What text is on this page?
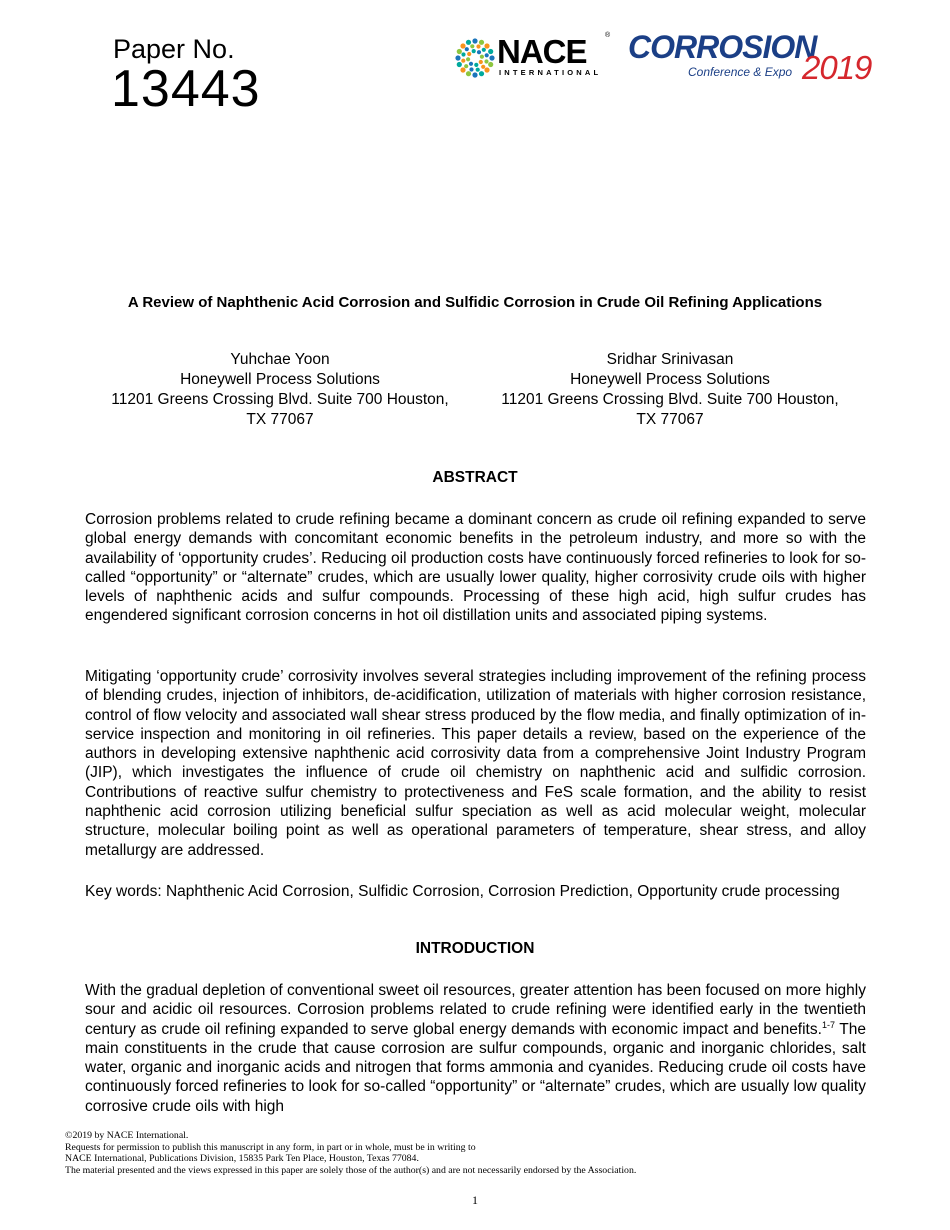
Paper No.
13443
NACE	®
INTERNATIONAL
CORROSION
Conference & Expo 2019
A Review of Naphthenic Acid Corrosion and Sulfidic Corrosion in Crude Oil Refining Applications
Yuhchae Yoon
Honeywell Process Solutions
11201 Greens Crossing Blvd. Suite 700 Houston,
TX 77067
Sridhar Srinivasan
Honeywell Process Solutions
11201 Greens Crossing Blvd. Suite 700 Houston,
TX 77067
ABSTRACT
Corrosion problems related to crude refining became a dominant concern as crude oil refining expanded to serve global energy demands with concomitant economic benefits in the petroleum industry, and more so with the availability of ‘opportunity crudes’. Reducing oil production costs have continuously forced refineries to look for so-called “opportunity” or “alternate” crudes, which are usually lower quality, higher corrosivity crude oils with higher levels of naphthenic acids and sulfur compounds. Processing of these high acid, high sulfur crudes has engendered significant corrosion concerns in hot oil distillation units and associated piping systems.
Mitigating ‘opportunity crude’ corrosivity involves several strategies including improvement of the refining process of blending crudes, injection of inhibitors, de-acidification, utilization of materials with higher corrosion resistance, control of flow velocity and associated wall shear stress produced by the flow media, and finally optimization of in-service inspection and monitoring in oil refineries. This paper details a review, based on the experience of the authors in developing extensive naphthenic acid corrosivity data from a comprehensive Joint Industry Program (JIP), which investigates the influence of crude oil chemistry on naphthenic acid and sulfidic corrosion. Contributions of reactive sulfur chemistry to protectiveness and FeS scale formation, and the ability to resist naphthenic acid corrosion utilizing beneficial sulfur speciation as well as acid molecular weight, molecular structure, molecular boiling point as well as operational parameters of temperature, shear stress, and alloy metallurgy are addressed.
Key words: Naphthenic Acid Corrosion, Sulfidic Corrosion, Corrosion Prediction, Opportunity crude processing
INTRODUCTION
With the gradual depletion of conventional sweet oil resources, greater attention has been focused on more highly sour and acidic oil resources. Corrosion problems related to crude refining were identified early in the twentieth century as crude oil refining expanded to serve global energy demands with economic impact and benefits.$^{1-7}$ The main constituents in the crude that cause corrosion are sulfur compounds, organic and inorganic chlorides, salt water, organic and inorganic acids and nitrogen that forms ammonia and cyanides. Reducing crude oil costs have continuously forced refineries to look for so-called “opportunity” or “alternate” crudes, which are usually low quality corrosive crude oils with high
©2019 by NACE International.
Requests for permission to publish this manuscript in any form, in part or in whole, must be in writing to
NACE International, Publications Division, 15835 Park Ten Place, Houston, Texas 77084.
The material presented and the views expressed in this paper are solely those of the author(s) and are not necessarily endorsed by the Association.
1
